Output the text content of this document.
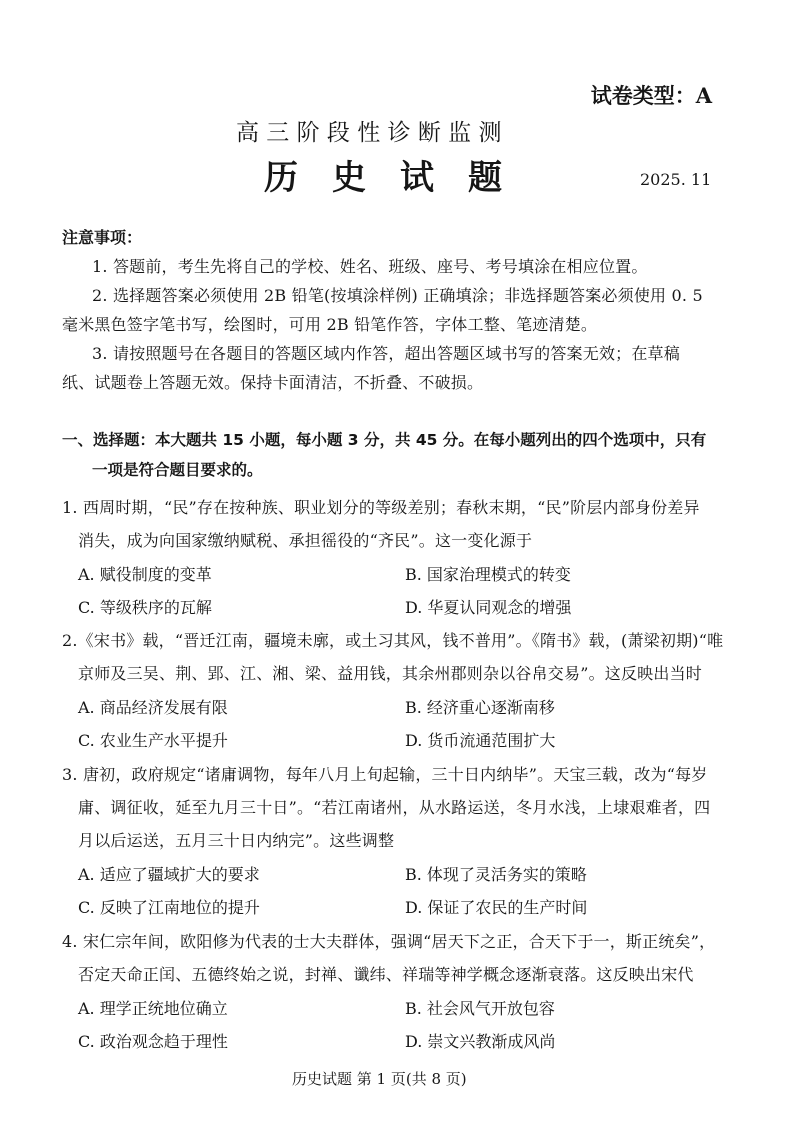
试卷类型：A
高 三 阶 段 性 诊 断 监 测
历　史　试　题	2025. 11
注意事项：
1. 答题前，考生先将自己的学校、姓名、班级、座号、考号填涂在相应位置。
2. 选择题答案必须使用 2B 铅笔(按填涂样例) 正确填涂；非选择题答案必须使用 0. 5
毫米黑色签字笔书写，绘图时，可用 2B 铅笔作答，字体工整、笔迹清楚。
3. 请按照题号在各题目的答题区域内作答，超出答题区域书写的答案无效；在草稿
纸、试题卷上答题无效。保持卡面清洁，不折叠、不破损。
一、选择题：本大题共 15 小题，每小题 3 分，共 45 分。在每小题列出的四个选项中，只有
一项是符合题目要求的。
1. 西周时期，“民”存在按种族、职业划分的等级差别；春秋末期，“民”阶层内部身份差异
消失，成为向国家缴纳赋税、承担徭役的“齐民”。这一变化源于
A. 赋役制度的变革	B. 国家治理模式的转变
C. 等级秩序的瓦解	D. 华夏认同观念的增强
2.《宋书》载，“晋迁江南，疆境未廓，或土习其风，钱不普用”。《隋书》载，(萧梁初期)“唯
京师及三吴、荆、郢、江、湘、梁、益用钱，其余州郡则杂以谷帛交易”。这反映出当时
A. 商品经济发展有限	B. 经济重心逐渐南移
C. 农业生产水平提升	D. 货币流通范围扩大
3. 唐初，政府规定“诸庸调物，每年八月上旬起输，三十日内纳毕”。天宝三载，改为“每岁
庸、调征收，延至九月三十日”。“若江南诸州，从水路运送，冬月水浅，上埭艰难者，四
月以后运送，五月三十日内纳完”。这些调整
A. 适应了疆域扩大的要求	B. 体现了灵活务实的策略
C. 反映了江南地位的提升	D. 保证了农民的生产时间
4. 宋仁宗年间，欧阳修为代表的士大夫群体，强调“居天下之正，合天下于一，斯正统矣”，
否定天命正闰、五德终始之说，封禅、谶纬、祥瑞等神学概念逐渐衰落。这反映出宋代
A. 理学正统地位确立	B. 社会风气开放包容
C. 政治观念趋于理性	D. 崇文兴教渐成风尚
历史试题 第 1 页(共 8 页)
